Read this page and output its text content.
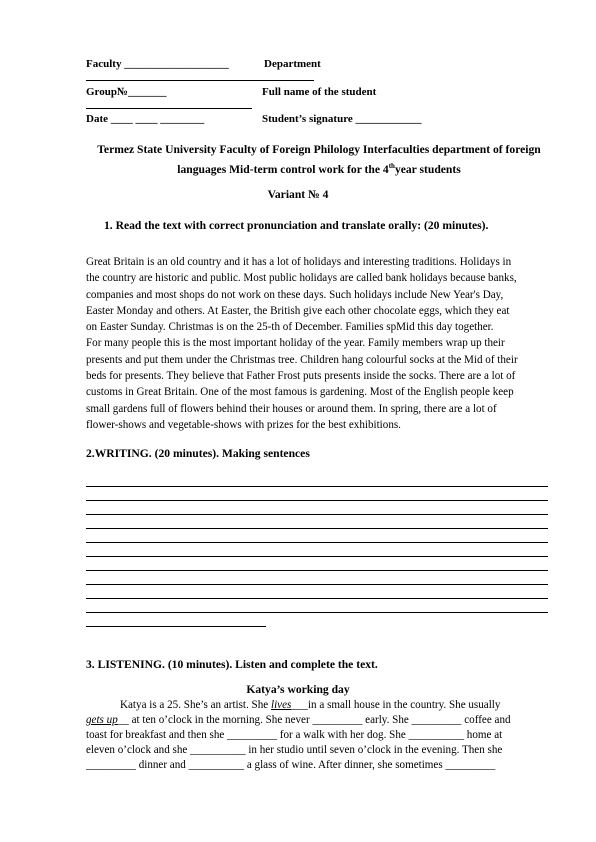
Faculty ___________________	Department
Group№_______	Full name of the student
Date ____ ____ ________	Student’s signature ____________
Termez State University Faculty of Foreign Philology Interfaculties department of foreign
languages Mid-term control work for the 4thyear students
Variant № 4
1. Read the text with correct pronunciation and translate orally: (20 minutes).

Great Britain is an old country and it has a lot of holidays and interesting traditions. Holidays in

the country are historic and public. Most public holidays are called bank holidays because banks,

companies and most shops do not work on these days. Such holidays include New Year's Day,

Easter Monday and others. At Easter, the British give each other chocolate eggs, which they eat

on Easter Sunday. Christmas is on the 25-th of December. Families spMid this day together.

For many people this is the most important holiday of the year. Family members wrap up their

presents and put them under the Christmas tree. Children hang colourful socks at the Mid of their

beds for presents. They believe that Father Frost puts presents inside the socks. There are a lot of

customs in Great Britain. One of the most famous is gardening. Most of the English people keep

small gardens full of flowers behind their houses or around them. In spring, there are a lot of

flower-shows and vegetable-shows with prizes for the best exhibitions.

2.WRITING. (20 minutes). Making sentences
3. LISTENING. (10 minutes). Listen and complete the text.
Katya’s working day
Katya is a 25. She’s an artist. She lives___in a small house in the country. She usually
gets up__ at ten o’clock in the morning. She never _________ early. She _________ coffee and
toast for breakfast and then she _________ for a walk with her dog. She __________ home at
eleven o’clock and she __________ in her studio until seven o’clock in the evening. Then she
_________ dinner and __________ a glass of wine. After dinner, she sometimes _________
